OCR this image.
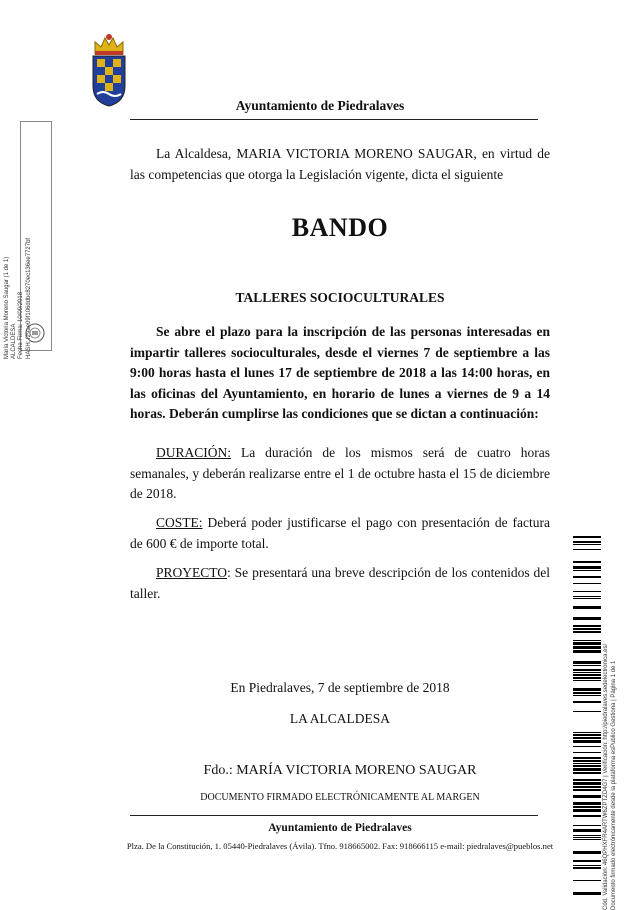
Ayuntamiento de Piedralaves
María Victoria Moreno Saugar (1 de 1) ALCALDESA Fecha Firma: 10/09/2018 HASH: f29ae09f106ddbc8270ec136ee7727bf
La Alcaldesa, MARIA VICTORIA MORENO SAUGAR, en virtud de las competencias que otorga la Legislación vigente, dicta el siguiente
BANDO
TALLERES SOCIOCULTURALES
Se abre el plazo para la inscripción de las personas interesadas en impartir talleres socioculturales, desde el viernes 7 de septiembre a las 9:00 horas hasta el lunes 17 de septiembre de 2018 a las 14:00 horas, en las oficinas del Ayuntamiento, en horario de lunes a viernes de 9 a 14 horas. Deberán cumplirse las condiciones que se dictan a continuación:
DURACIÓN: La duración de los mismos será de cuatro horas semanales, y deberán realizarse entre el 1 de octubre hasta el 15 de diciembre de 2018.
COSTE: Deberá poder justificarse el pago con presentación de factura de 600 € de importe total.
PROYECTO: Se presentará una breve descripción de los contenidos del taller.
En Piedralaves, 7 de septiembre de 2018
LA ALCALDESA
Fdo.: MARÍA VICTORIA MORENO SAUGAR
DOCUMENTO FIRMADO ELECTRÓNICAMENTE AL MARGEN
Ayuntamiento de Piedralaves
Plza. De la Constitución, 1. 05440-Piedralaves (Ávila). Tfno. 918665002. Fax: 918666115 e-mail: piedralaves@pueblos.net	Cód. Validación: 46QPHXFR4ARTW6ZPTZD4G7 | Verificación: http://piedralaves.sedelectronica.es/ Documento firmado electrónicamente desde la plataforma esPublico Gestiona | Página 1 de 1
